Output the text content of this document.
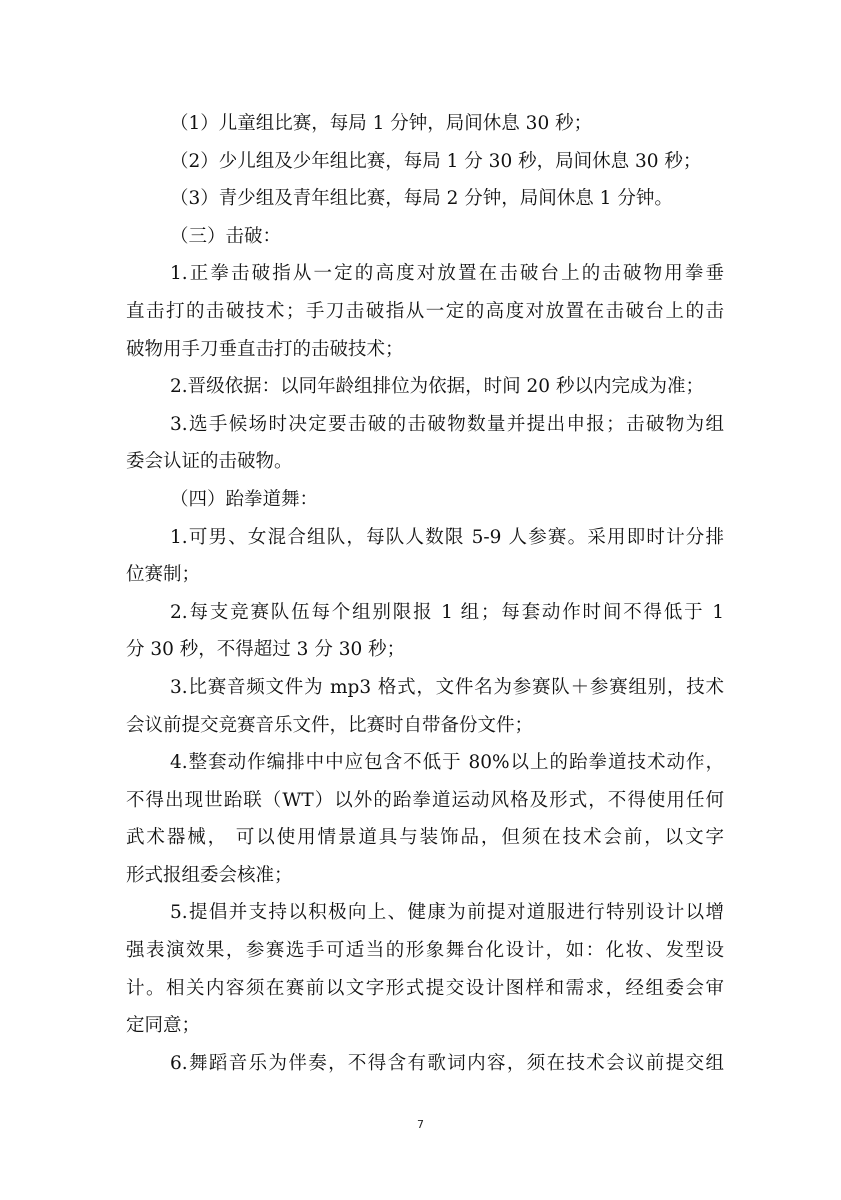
（1）儿童组比赛，每局 1 分钟，局间休息 30 秒；
（2）少儿组及少年组比赛，每局 1 分 30 秒，局间休息 30 秒；
（3）青少组及青年组比赛，每局 2 分钟，局间休息 1 分钟。
（三）击破：
1.正拳击破指从一定的高度对放置在击破台上的击破物用拳垂
直击打的击破技术；手刀击破指从一定的高度对放置在击破台上的击
破物用手刀垂直击打的击破技术；
2.晋级依据：以同年龄组排位为依据，时间 20 秒以内完成为准；
3.选手候场时决定要击破的击破物数量并提出申报；击破物为组
委会认证的击破物。
（四）跆拳道舞：
1.可男、女混合组队，每队人数限 5-9 人参赛。采用即时计分排
位赛制；
2.每支竞赛队伍每个组别限报 1 组；每套动作时间不得低于 1
分 30 秒，不得超过 3 分 30 秒；
3.比赛音频文件为 mp3 格式，文件名为参赛队＋参赛组别，技术
会议前提交竞赛音乐文件，比赛时自带备份文件；
4.整套动作编排中中应包含不低于 80%以上的跆拳道技术动作，
不得出现世跆联（WT）以外的跆拳道运动风格及形式，不得使用任何
武术器械， 可以使用情景道具与装饰品，但须在技术会前，以文字
形式报组委会核准；
5.提倡并支持以积极向上、健康为前提对道服进行特别设计以增
强表演效果，参赛选手可适当的形象舞台化设计，如：化妆、发型设
计。相关内容须在赛前以文字形式提交设计图样和需求，经组委会审
定同意；
6.舞蹈音乐为伴奏，不得含有歌词内容，须在技术会议前提交组
7
